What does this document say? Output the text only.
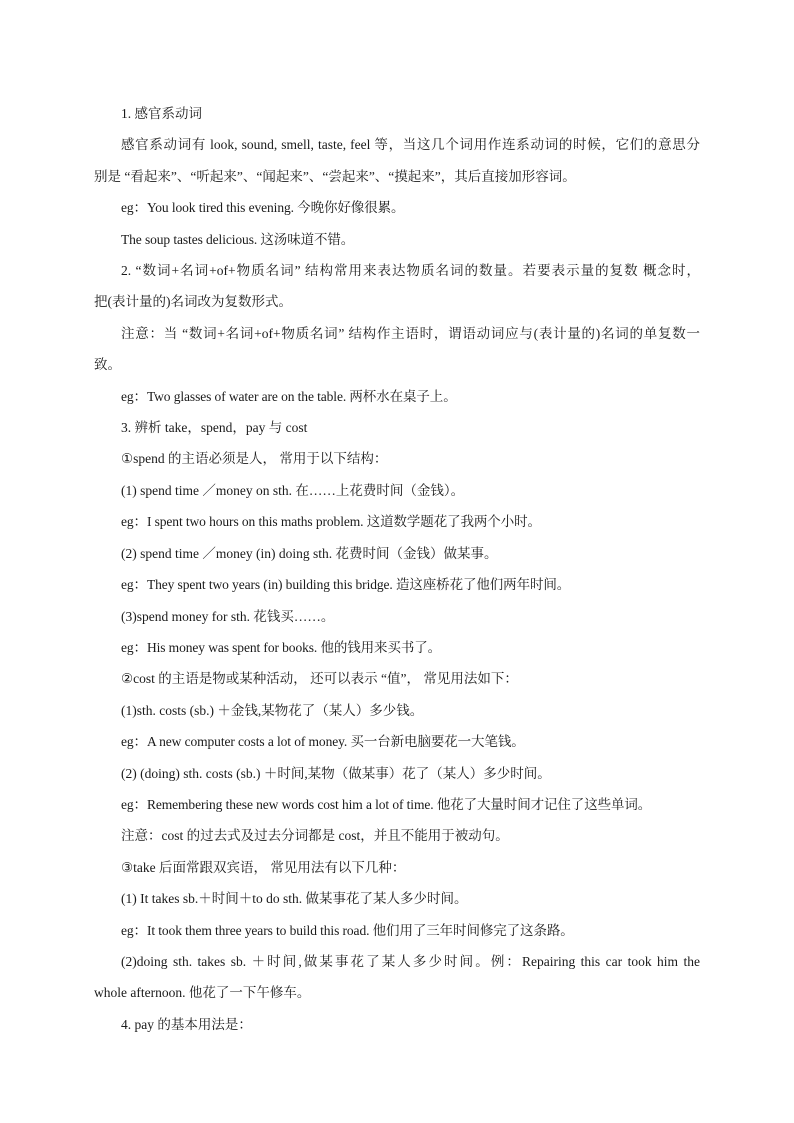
1. 感官系动词

感官系动词有 look, sound, smell, taste, feel 等，当这几个词用作连系动词的时候，它们的意思分

别是 “看起来”、“听起来”、“闻起来”、“尝起来”、“摸起来”，其后直接加形容词。

eg：You look tired this evening. 今晚你好像很累。

The soup tastes delicious. 这汤味道不错。

2. “数词+名词+of+物质名词” 结构常用来表达物质名词的数量。若要表示量的复数 概念时，

把(表计量的)名词改为复数形式。

注意：当 “数词+名词+of+物质名词” 结构作主语时，谓语动词应与(表计量的)名词的单复数一

致。

eg：Two glasses of water are on the table. 两杯水在桌子上。

3. 辨析 take，spend，pay 与 cost

①spend 的主语必须是人， 常用于以下结构：

(1) spend time ／money on sth. 在……上花费时间（金钱）。

eg：I spent two hours on this maths problem. 这道数学题花了我两个小时。

(2) spend time ／money (in) doing sth. 花费时间（金钱）做某事。

eg：They spent two years (in) building this bridge. 造这座桥花了他们两年时间。

(3)spend money for sth. 花钱买……。

eg：His money was spent for books. 他的钱用来买书了。

②cost 的主语是物或某种活动， 还可以表示 “值”， 常见用法如下：

(1)sth. costs (sb.) ＋金钱,某物花了（某人）多少钱。

eg：A new computer costs a lot of money. 买一台新电脑要花一大笔钱。

(2) (doing) sth. costs (sb.) ＋时间,某物（做某事）花了（某人）多少时间。

eg：Remembering these new words cost him a lot of time. 他花了大量时间才记住了这些单词。

注意：cost 的过去式及过去分词都是 cost，并且不能用于被动句。

③take 后面常跟双宾语， 常见用法有以下几种：

(1) It takes sb.＋时间＋to do sth. 做某事花了某人多少时间。

eg：It took them three years to build this road. 他们用了三年时间修完了这条路。

(2)doing sth. takes sb. ＋时间,做某事花了某人多少时间。例：Repairing this car took him the

whole afternoon. 他花了一下午修车。

4. pay 的基本用法是：
